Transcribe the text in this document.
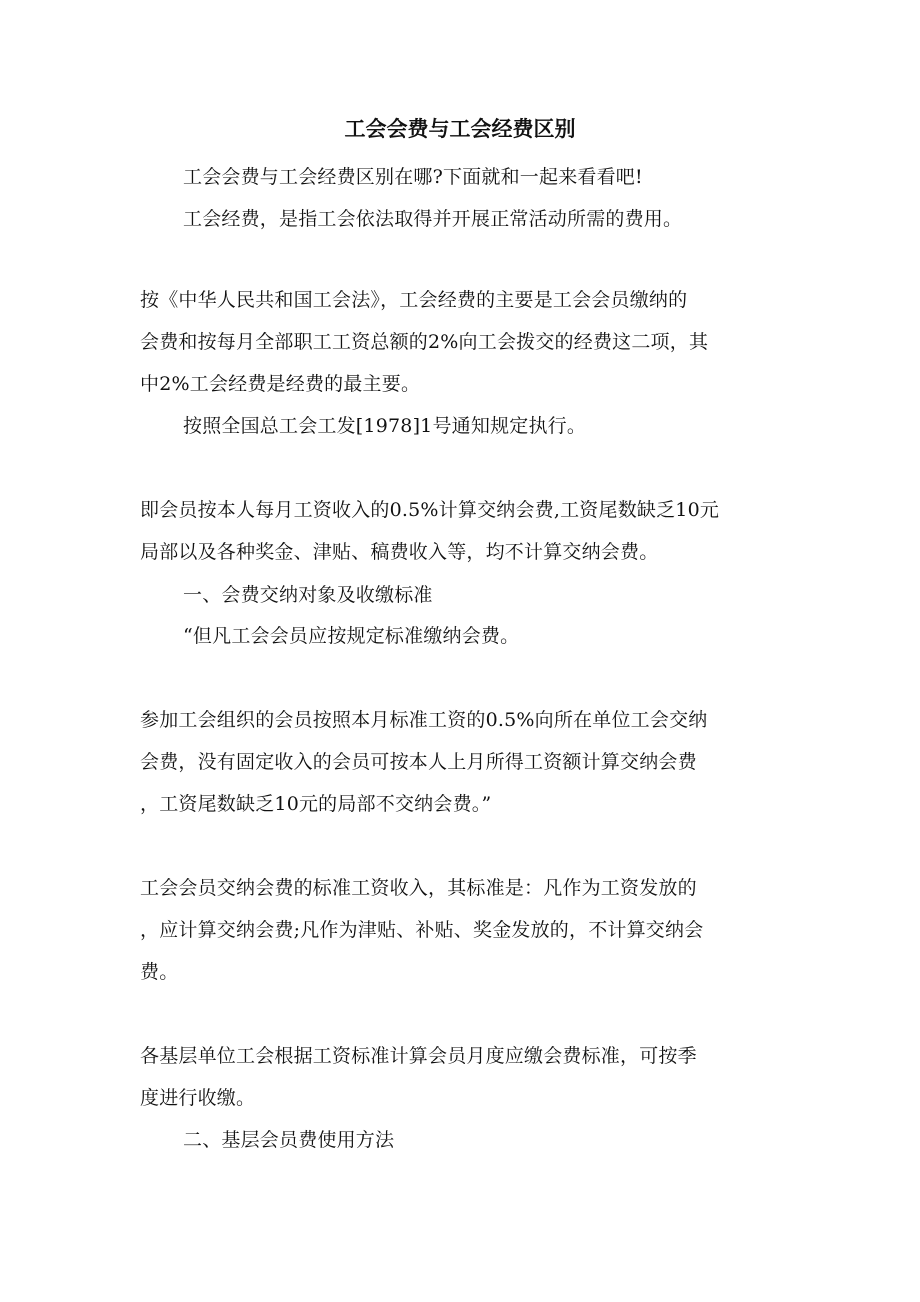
工会会费与工会经费区别

工会会费与工会经费区别在哪?下面就和一起来看看吧!

工会经费，是指工会依法取得并开展正常活动所需的费用。

按《中华人民共和国工会法》，工会经费的主要是工会会员缴纳的
会费和按每月全部职工工资总额的2%向工会拨交的经费这二项，其
中2%工会经费是经费的最主要。

按照全国总工会工发[1978]1号通知规定执行。

即会员按本人每月工资收入的0.5%计算交纳会费,工资尾数缺乏10元
局部以及各种奖金、津贴、稿费收入等，均不计算交纳会费。

一、会费交纳对象及收缴标准

“但凡工会会员应按规定标准缴纳会费。

参加工会组织的会员按照本月标准工资的0.5%向所在单位工会交纳
会费，没有固定收入的会员可按本人上月所得工资额计算交纳会费
，工资尾数缺乏10元的局部不交纳会费。”

工会会员交纳会费的标准工资收入，其标准是：凡作为工资发放的
，应计算交纳会费;凡作为津贴、补贴、奖金发放的，不计算交纳会
费。

各基层单位工会根据工资标准计算会员月度应缴会费标准，可按季
度进行收缴。

二、基层会员费使用方法
